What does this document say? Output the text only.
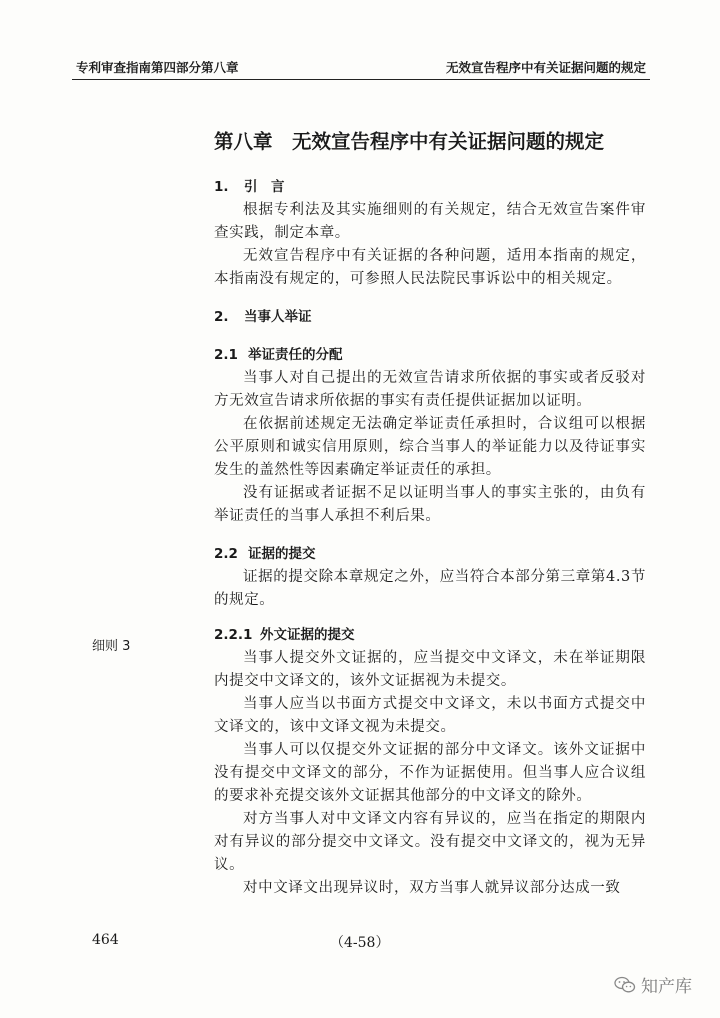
专利审查指南第四部分第八章	无效宣告程序中有关证据问题的规定
第八章　无效宣告程序中有关证据问题的规定
1. 引　言
根据专利法及其实施细则的有关规定，结合无效宣告案件审查实践，制定本章。
无效宣告程序中有关证据的各种问题，适用本指南的规定，本指南没有规定的，可参照人民法院民事诉讼中的相关规定。
2. 当事人举证
2.1 举证责任的分配
当事人对自己提出的无效宣告请求所依据的事实或者反驳对方无效宣告请求所依据的事实有责任提供证据加以证明。
在依据前述规定无法确定举证责任承担时，合议组可以根据公平原则和诚实信用原则，综合当事人的举证能力以及待证事实发生的盖然性等因素确定举证责任的承担。
没有证据或者证据不足以证明当事人的事实主张的，由负有举证责任的当事人承担不利后果。
2.2 证据的提交
证据的提交除本章规定之外，应当符合本部分第三章第4.3节的规定。
2.2.1 外文证据的提交
当事人提交外文证据的，应当提交中文译文，未在举证期限内提交中文译文的，该外文证据视为未提交。
当事人应当以书面方式提交中文译文，未以书面方式提交中文译文的，该中文译文视为未提交。
当事人可以仅提交外文证据的部分中文译文。该外文证据中没有提交中文译文的部分，不作为证据使用。但当事人应合议组的要求补充提交该外文证据其他部分的中文译文的除外。
对方当事人对中文译文内容有异议的，应当在指定的期限内对有异议的部分提交中文译文。没有提交中文译文的，视为无异议。
对中文译文出现异议时，双方当事人就异议部分达成一致
细则 3
464	（4-58）
知产库
